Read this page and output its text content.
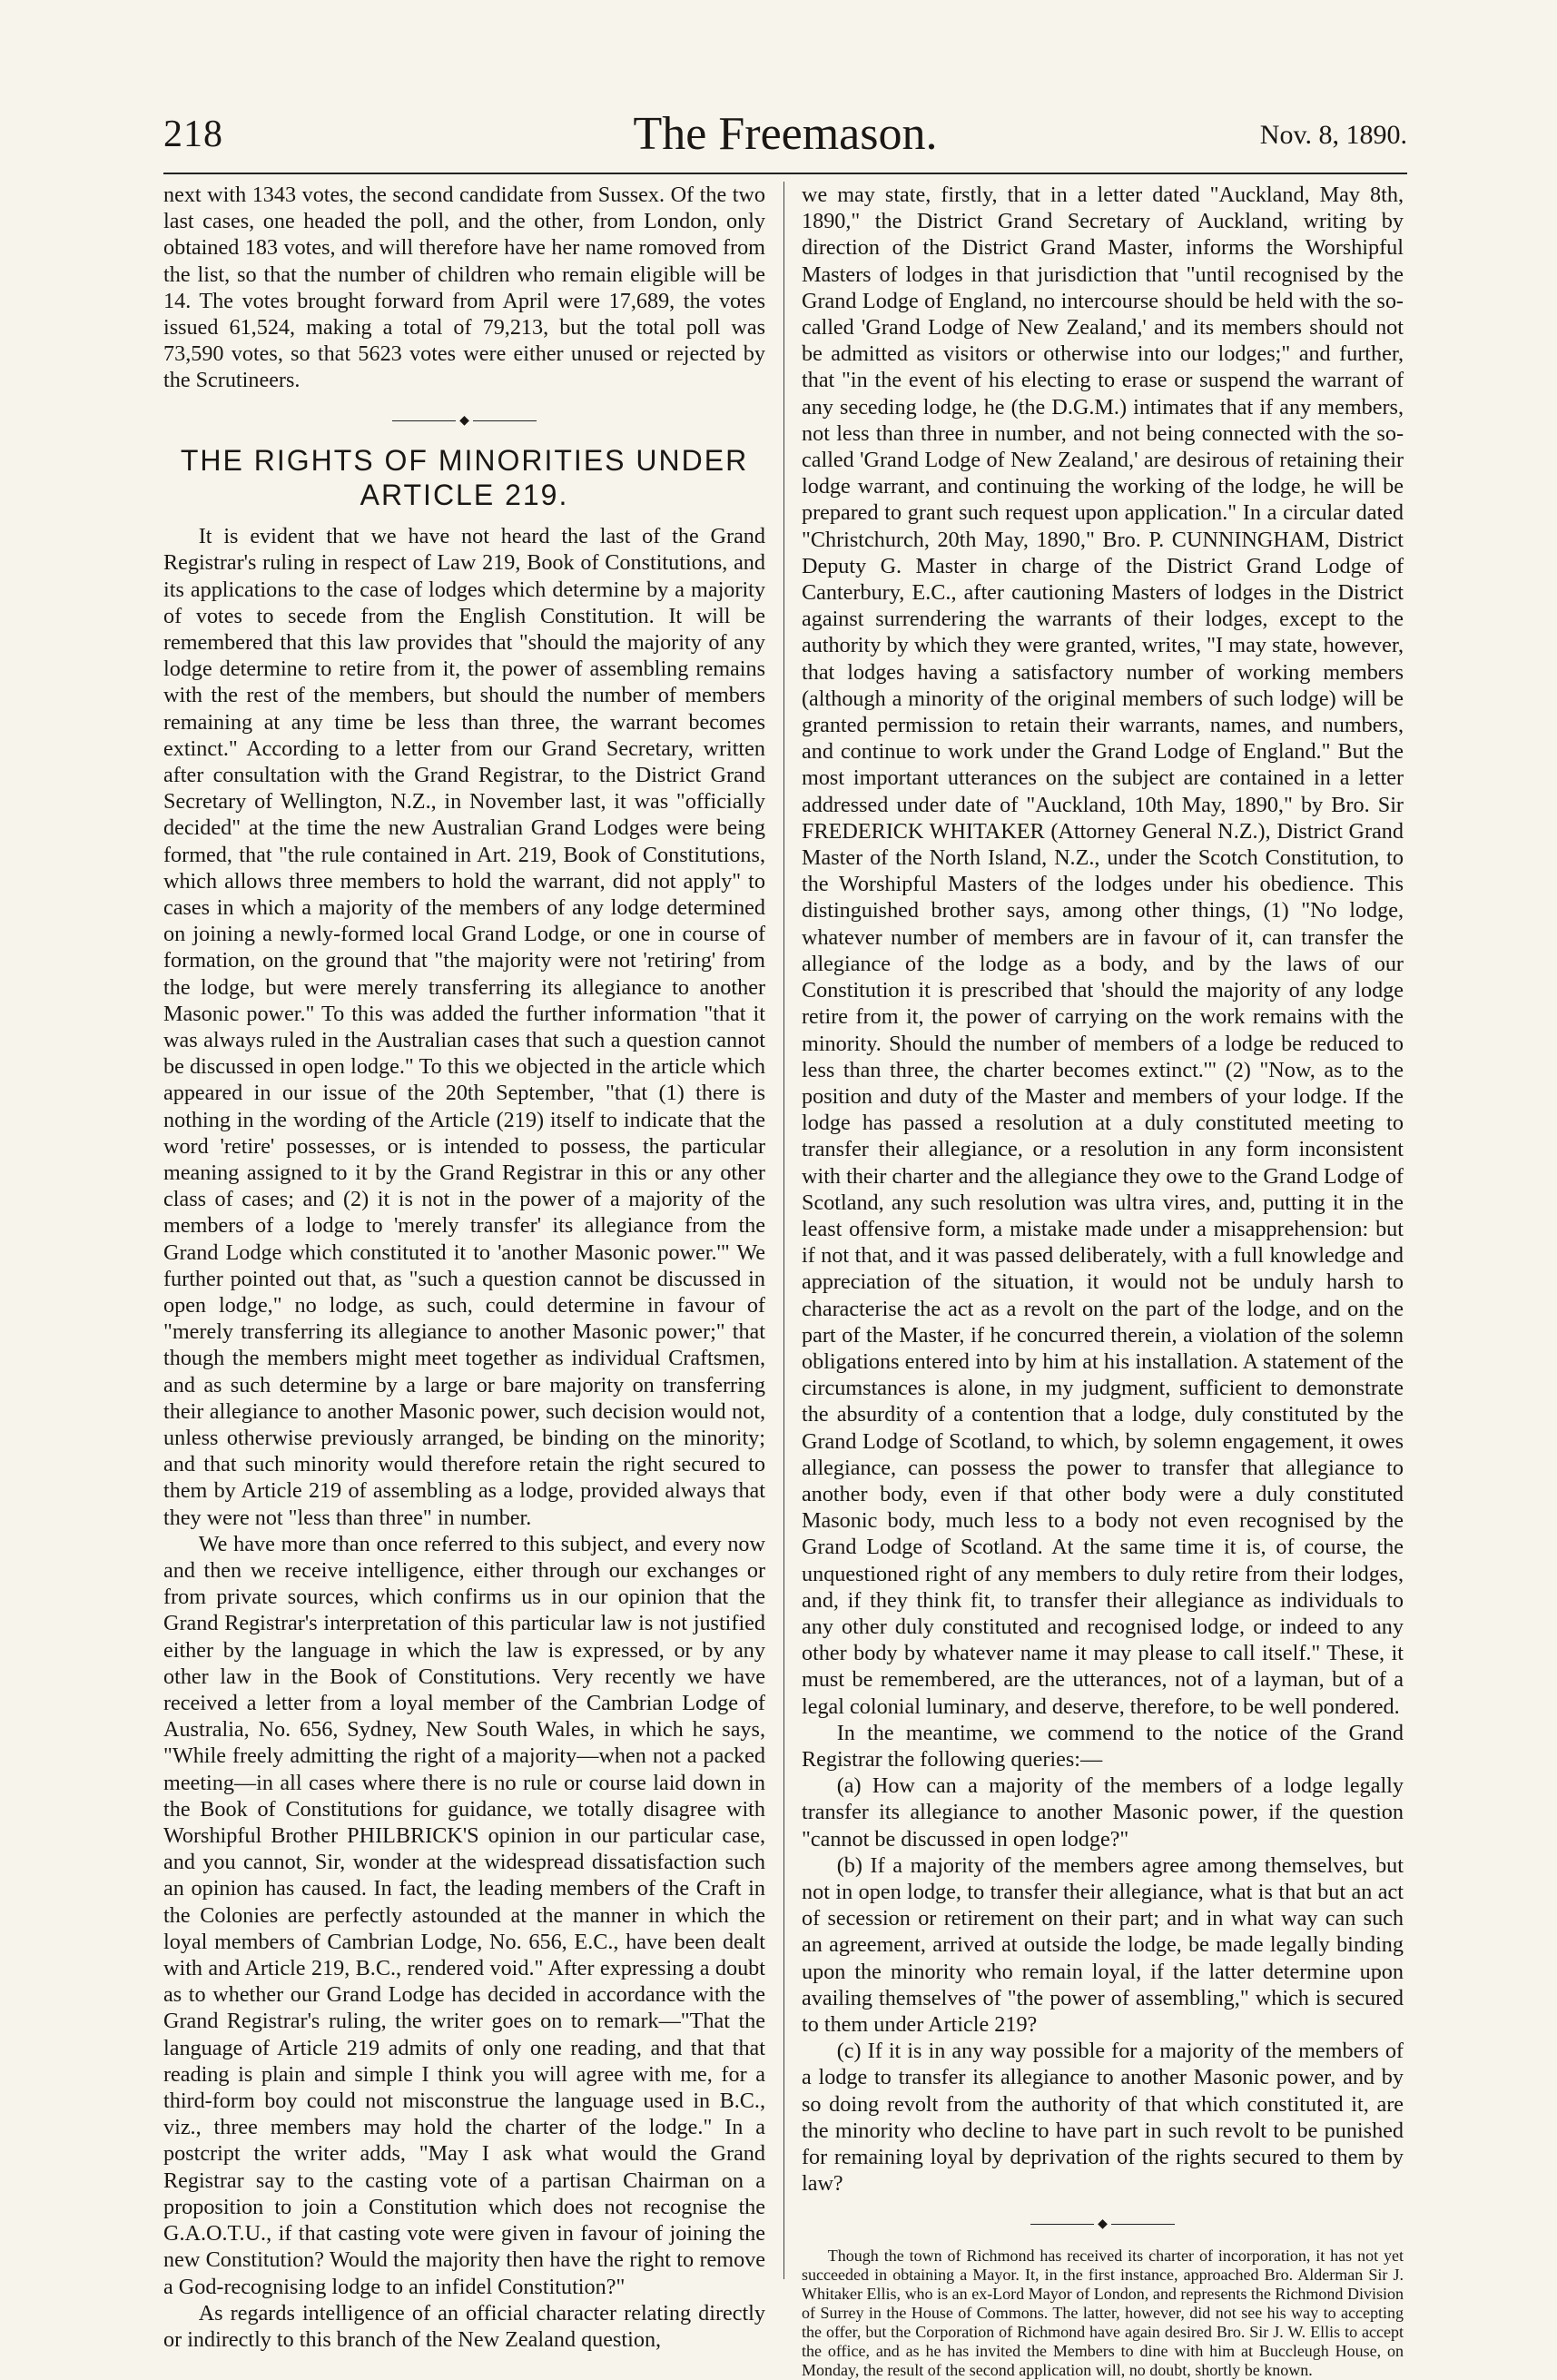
218	The Freemason.	Nov. 8, 1890.

next with 1343 votes, the second candidate from Sussex. Of the two last cases, one headed the poll, and the other, from London, only obtained 183 votes, and will therefore have her name romoved from the list, so that the number of children who remain eligible will be 14. The votes brought forward from April were 17,689, the votes issued 61,524, making a total of 79,213, but the total poll was 73,590 votes, so that 5623 votes were either unused or rejected by the Scrutineers.

◆
THE RIGHTS OF MINORITIES UNDER ARTICLE 219.

It is evident that we have not heard the last of the Grand Registrar's ruling in respect of Law 219, Book of Constitutions, and its applications to the case of lodges which determine by a majority of votes to secede from the English Constitution. It will be remembered that this law provides that "should the majority of any lodge determine to retire from it, the power of assembling remains with the rest of the members, but should the number of members remaining at any time be less than three, the warrant becomes extinct." According to a letter from our Grand Secretary, written after consultation with the Grand Registrar, to the District Grand Secretary of Wellington, N.Z., in November last, it was "officially decided" at the time the new Australian Grand Lodges were being formed, that "the rule contained in Art. 219, Book of Constitutions, which allows three members to hold the warrant, did not apply" to cases in which a majority of the members of any lodge determined on joining a newly-formed local Grand Lodge, or one in course of formation, on the ground that "the majority were not 'retiring' from the lodge, but were merely transferring its allegiance to another Masonic power." To this was added the further information "that it was always ruled in the Australian cases that such a question cannot be discussed in open lodge." To this we objected in the article which appeared in our issue of the 20th September, "that (1) there is nothing in the wording of the Article (219) itself to indicate that the word 'retire' possesses, or is intended to possess, the particular meaning assigned to it by the Grand Registrar in this or any other class of cases; and (2) it is not in the power of a majority of the members of a lodge to 'merely transfer' its allegiance from the Grand Lodge which constituted it to 'another Masonic power.'" We further pointed out that, as "such a question cannot be discussed in open lodge," no lodge, as such, could determine in favour of "merely transferring its allegiance to another Masonic power;" that though the members might meet together as individual Craftsmen, and as such determine by a large or bare majority on transferring their allegiance to another Masonic power, such decision would not, unless otherwise previously arranged, be binding on the minority; and that such minority would therefore retain the right secured to them by Article 219 of assembling as a lodge, provided always that they were not "less than three" in number.

We have more than once referred to this subject, and every now and then we receive intelligence, either through our exchanges or from private sources, which confirms us in our opinion that the Grand Registrar's interpretation of this particular law is not justified either by the language in which the law is expressed, or by any other law in the Book of Constitutions. Very recently we have received a letter from a loyal member of the Cambrian Lodge of Australia, No. 656, Sydney, New South Wales, in which he says, "While freely admitting the right of a majority—when not a packed meeting—in all cases where there is no rule or course laid down in the Book of Constitutions for guidance, we totally disagree with Worshipful Brother PHILBRICK'S opinion in our particular case, and you cannot, Sir, wonder at the widespread dissatisfaction such an opinion has caused. In fact, the leading members of the Craft in the Colonies are perfectly astounded at the manner in which the loyal members of Cambrian Lodge, No. 656, E.C., have been dealt with and Article 219, B.C., rendered void." After expressing a doubt as to whether our Grand Lodge has decided in accordance with the Grand Registrar's ruling, the writer goes on to remark—"That the language of Article 219 admits of only one reading, and that that reading is plain and simple I think you will agree with me, for a third-form boy could not misconstrue the language used in B.C., viz., three members may hold the charter of the lodge." In a postcript the writer adds, "May I ask what would the Grand Registrar say to the casting vote of a partisan Chairman on a proposition to join a Constitution which does not recognise the G.A.O.T.U., if that casting vote were given in favour of joining the new Constitution? Would the majority then have the right to remove a God-recognising lodge to an infidel Constitution?"

As regards intelligence of an official character relating directly or indirectly to this branch of the New Zealand question,

we may state, firstly, that in a letter dated "Auckland, May 8th, 1890," the District Grand Secretary of Auckland, writing by direction of the District Grand Master, informs the Worshipful Masters of lodges in that jurisdiction that "until recognised by the Grand Lodge of England, no intercourse should be held with the so-called 'Grand Lodge of New Zealand,' and its members should not be admitted as visitors or otherwise into our lodges;" and further, that "in the event of his electing to erase or suspend the warrant of any seceding lodge, he (the D.G.M.) intimates that if any members, not less than three in number, and not being connected with the so-called 'Grand Lodge of New Zealand,' are desirous of retaining their lodge warrant, and continuing the working of the lodge, he will be prepared to grant such request upon application." In a circular dated "Christchurch, 20th May, 1890," Bro. P. CUNNINGHAM, District Deputy G. Master in charge of the District Grand Lodge of Canterbury, E.C., after cautioning Masters of lodges in the District against surrendering the warrants of their lodges, except to the authority by which they were granted, writes, "I may state, however, that lodges having a satisfactory number of working members (although a minority of the original members of such lodge) will be granted permission to retain their warrants, names, and numbers, and continue to work under the Grand Lodge of England." But the most important utterances on the subject are contained in a letter addressed under date of "Auckland, 10th May, 1890," by Bro. Sir FREDERICK WHITAKER (Attorney General N.Z.), District Grand Master of the North Island, N.Z., under the Scotch Constitution, to the Worshipful Masters of the lodges under his obedience. This distinguished brother says, among other things, (1) "No lodge, whatever number of members are in favour of it, can transfer the allegiance of the lodge as a body, and by the laws of our Constitution it is prescribed that 'should the majority of any lodge retire from it, the power of carrying on the work remains with the minority. Should the number of members of a lodge be reduced to less than three, the charter becomes extinct.'" (2) "Now, as to the position and duty of the Master and members of your lodge. If the lodge has passed a resolution at a duly constituted meeting to transfer their allegiance, or a resolution in any form inconsistent with their charter and the allegiance they owe to the Grand Lodge of Scotland, any such resolution was ultra vires, and, putting it in the least offensive form, a mistake made under a misapprehension: but if not that, and it was passed deliberately, with a full knowledge and appreciation of the situation, it would not be unduly harsh to characterise the act as a revolt on the part of the lodge, and on the part of the Master, if he concurred therein, a violation of the solemn obligations entered into by him at his installation. A statement of the circumstances is alone, in my judgment, sufficient to demonstrate the absurdity of a contention that a lodge, duly constituted by the Grand Lodge of Scotland, to which, by solemn engagement, it owes allegiance, can possess the power to transfer that allegiance to another body, even if that other body were a duly constituted Masonic body, much less to a body not even recognised by the Grand Lodge of Scotland. At the same time it is, of course, the unquestioned right of any members to duly retire from their lodges, and, if they think fit, to transfer their allegiance as individuals to any other duly constituted and recognised lodge, or indeed to any other body by whatever name it may please to call itself." These, it must be remembered, are the utterances, not of a layman, but of a legal colonial luminary, and deserve, therefore, to be well pondered.

In the meantime, we commend to the notice of the Grand Registrar the following queries:—

(a) How can a majority of the members of a lodge legally transfer its allegiance to another Masonic power, if the question "cannot be discussed in open lodge?"

(b) If a majority of the members agree among themselves, but not in open lodge, to transfer their allegiance, what is that but an act of secession or retirement on their part; and in what way can such an agreement, arrived at outside the lodge, be made legally binding upon the minority who remain loyal, if the latter determine upon availing themselves of "the power of assembling," which is secured to them under Article 219?

(c) If it is in any way possible for a majority of the members of a lodge to transfer its allegiance to another Masonic power, and by so doing revolt from the authority of that which constituted it, are the minority who decline to have part in such revolt to be punished for remaining loyal by deprivation of the rights secured to them by law?

◆

Though the town of Richmond has received its charter of incorporation, it has not yet succeeded in obtaining a Mayor. It, in the first instance, approached Bro. Alderman Sir J. Whitaker Ellis, who is an ex-Lord Mayor of London, and represents the Richmond Division of Surrey in the House of Commons. The latter, however, did not see his way to accepting the offer, but the Corporation of Richmond have again desired Bro. Sir J. W. Ellis to accept the office, and as he has invited the Members to dine with him at Buccleugh House, on Monday, the result of the second application will, no doubt, shortly be known.
